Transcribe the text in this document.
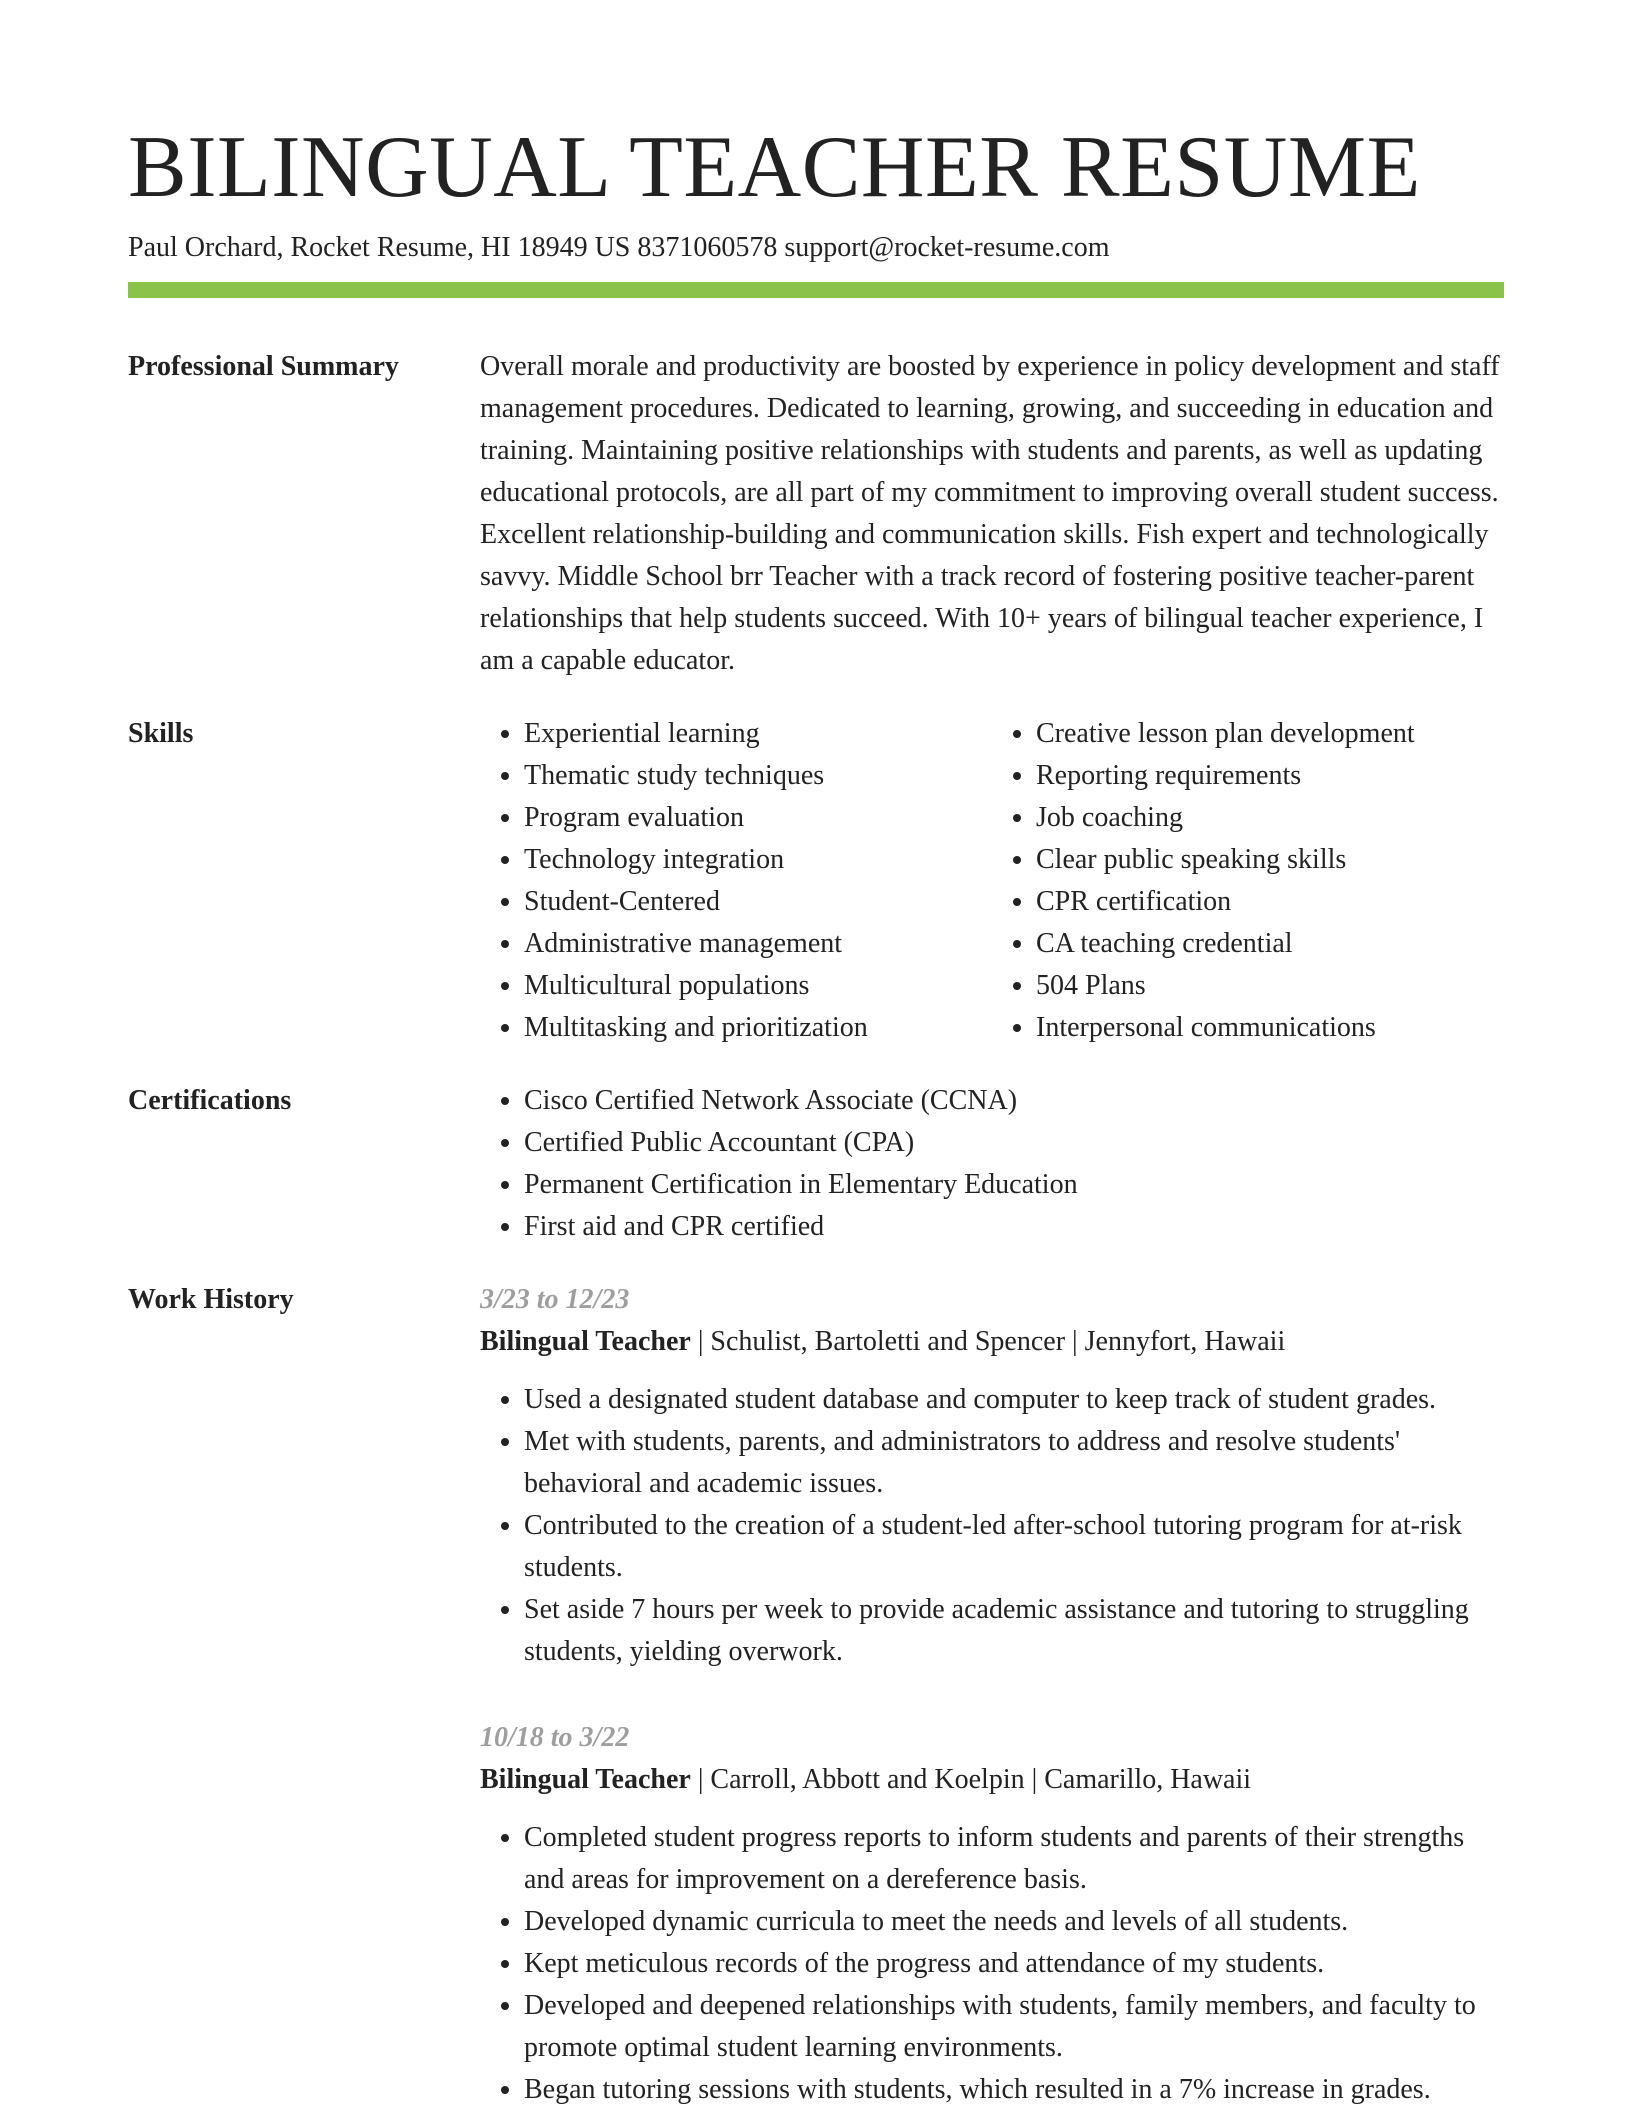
BILINGUAL TEACHER RESUME
Paul Orchard, Rocket Resume, HI 18949 US 8371060578 support@rocket-resume.com
Professional Summary	Overall morale and productivity are boosted by experience in policy development and staff management procedures. Dedicated to learning, growing, and succeeding in education and training. Maintaining positive relationships with students and parents, as well as updating educational protocols, are all part of my commitment to improving overall student success. Excellent relationship-building and communication skills. Fish expert and technologically savvy. Middle School brr Teacher with a track record of fostering positive teacher-parent relationships that help students succeed. With 10+ years of bilingual teacher experience, I am a capable educator.

Skills	• Experiential learning
• Thematic study techniques
• Program evaluation
• Technology integration
• Student-Centered
• Administrative management
• Multicultural populations
• Multitasking and prioritization
• Creative lesson plan development
• Reporting requirements
• Job coaching
• Clear public speaking skills
• CPR certification
• CA teaching credential
• 504 Plans
• Interpersonal communications
Certifications	• Cisco Certified Network Associate (CCNA)
• Certified Public Accountant (CPA)
• Permanent Certification in Elementary Education
• First aid and CPR certified
Work History	3/23 to 12/23
Bilingual Teacher | Schulist, Bartoletti and Spencer | Jennyfort, Hawaii
• Used a designated student database and computer to keep track of student grades.
• Met with students, parents, and administrators to address and resolve students' behavioral and academic issues.
• Contributed to the creation of a student-led after-school tutoring program for at-risk students.
• Set aside 7 hours per week to provide academic assistance and tutoring to struggling students, yielding overwork.
10/18 to 3/22
Bilingual Teacher | Carroll, Abbott and Koelpin | Camarillo, Hawaii
• Completed student progress reports to inform students and parents of their strengths and areas for improvement on a dereference basis.
• Developed dynamic curricula to meet the needs and levels of all students.
• Kept meticulous records of the progress and attendance of my students.
• Developed and deepened relationships with students, family members, and faculty to promote optimal student learning environments.
• Began tutoring sessions with students, which resulted in a 7% increase in grades.
